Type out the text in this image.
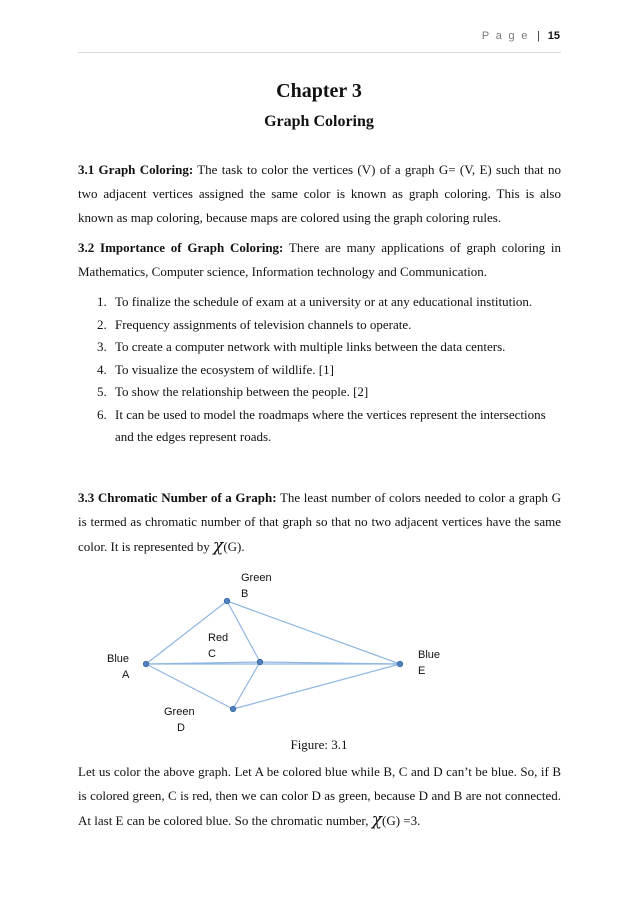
P a g e | 15
Chapter 3
Graph Coloring

3.1 Graph Coloring: The task to color the vertices (V) of a graph G= (V, E) such that no two adjacent vertices assigned the same color is known as graph coloring. This is also known as map coloring, because maps are colored using the graph coloring rules.

3.2 Importance of Graph Coloring: There are many applications of graph coloring in Mathematics, Computer science, Information technology and Communication.

1. To finalize the schedule of exam at a university or at any educational institution.
2. Frequency assignments of television channels to operate.
3. To create a computer network with multiple links between the data centers.
4. To visualize the ecosystem of wildlife. [1]
5. To show the relationship between the people. [2]
6. It can be used to model the roadmaps where the vertices represent the intersections and the edges represent roads.

3.3 Chromatic Number of a Graph: The least number of colors needed to color a graph G is termed as chromatic number of that graph so that no two adjacent vertices have the same color. It is represented by χ(G).

Green
B
Red
C
Blue
A
Blue
E
Green
D
Figure: 3.1

Let us color the above graph. Let A be colored blue while B, C and D can’t be blue. So, if B is colored green, C is red, then we can color D as green, because D and B are not connected. At last E can be colored blue. So the chromatic number, χ(G) =3.
